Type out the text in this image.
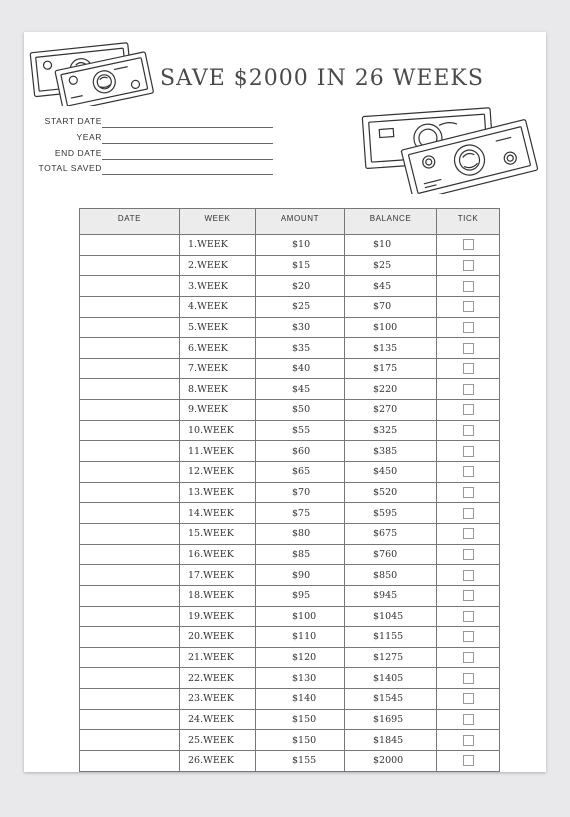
SAVE $2000 IN 26 WEEKS
START DATE
YEAR
END DATE
TOTAL SAVED
DATE	WEEK	AMOUNT	BALANCE	TICK
	1.WEEK	$10	$10	
	2.WEEK	$15	$25	
	3.WEEK	$20	$45	
	4.WEEK	$25	$70	
	5.WEEK	$30	$100	
	6.WEEK	$35	$135	
	7.WEEK	$40	$175	
	8.WEEK	$45	$220	
	9.WEEK	$50	$270	
	10.WEEK	$55	$325	
	11.WEEK	$60	$385	
	12.WEEK	$65	$450	
	13.WEEK	$70	$520	
	14.WEEK	$75	$595	
	15.WEEK	$80	$675	
	16.WEEK	$85	$760	
	17.WEEK	$90	$850	
	18.WEEK	$95	$945	
	19.WEEK	$100	$1045	
	20.WEEK	$110	$1155	
	21.WEEK	$120	$1275	
	22.WEEK	$130	$1405	
	23.WEEK	$140	$1545	
	24.WEEK	$150	$1695	
	25.WEEK	$150	$1845	
	26.WEEK	$155	$2000	
